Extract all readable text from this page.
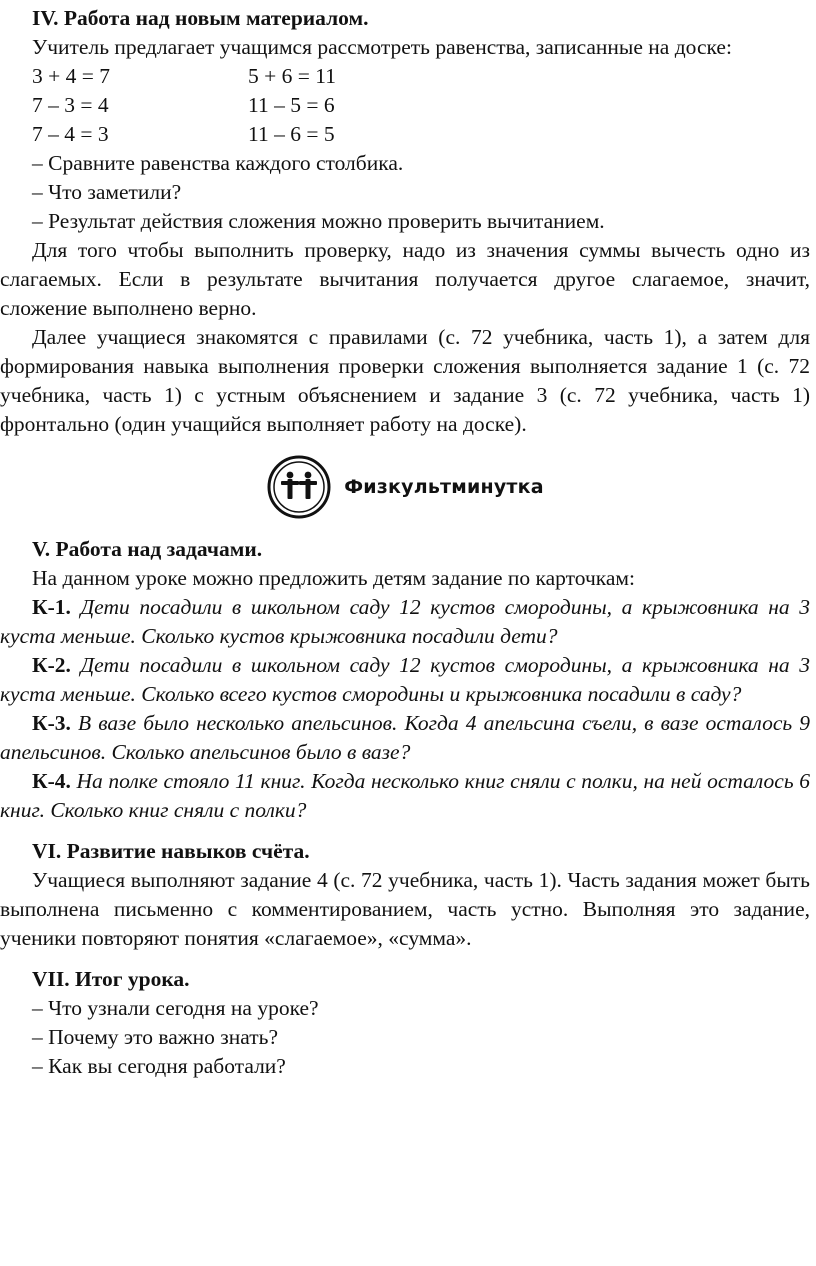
IV. Работа над новым материалом.

Учитель предлагает учащимся рассмотреть равенства, записанные на доске:

3 + 4 = 7	5 + 6 = 11
7 – 3 = 4	11 – 5 = 6
7 – 4 = 3	11 – 6 = 5

– Сравните равенства каждого столбика.

– Что заметили?

– Результат действия сложения можно проверить вычитанием.

Для того чтобы выполнить проверку, надо из значения суммы вычесть одно из слагаемых. Если в результате вычитания получается другое слагаемое, значит, сложение выполнено верно.

Далее учащиеся знакомятся с правилами (с. 72 учебника, часть 1), а затем для формирования навыка выполнения проверки сложения выполняется задание 1 (с. 72 учебника, часть 1) с устным объяснением и задание 3 (с. 72 учебника, часть 1) фронтально (один учащийся выполняет работу на доске).

Физкультминутка

V. Работа над задачами.

На данном уроке можно предложить детям задание по карточкам:

К-1. Дети посадили в школьном саду 12 кустов смородины, а крыжовника на 3 куста меньше. Сколько кустов крыжовника посадили дети?

К-2. Дети посадили в школьном саду 12 кустов смородины, а крыжовника на 3 куста меньше. Сколько всего кустов смородины и крыжовника посадили в саду?

К-3. В вазе было несколько апельсинов. Когда 4 апельсина съели, в вазе осталось 9 апельсинов. Сколько апельсинов было в вазе?

К-4. На полке стояло 11 книг. Когда несколько книг сняли с полки, на ней осталось 6 книг. Сколько книг сняли с полки?

VI. Развитие навыков счёта.

Учащиеся выполняют задание 4 (с. 72 учебника, часть 1). Часть задания может быть выполнена письменно с комментированием, часть устно. Выполняя это задание, ученики повторяют понятия «слагаемое», «сумма».

VII. Итог урока.

– Что узнали сегодня на уроке?

– Почему это важно знать?

– Как вы сегодня работали?
